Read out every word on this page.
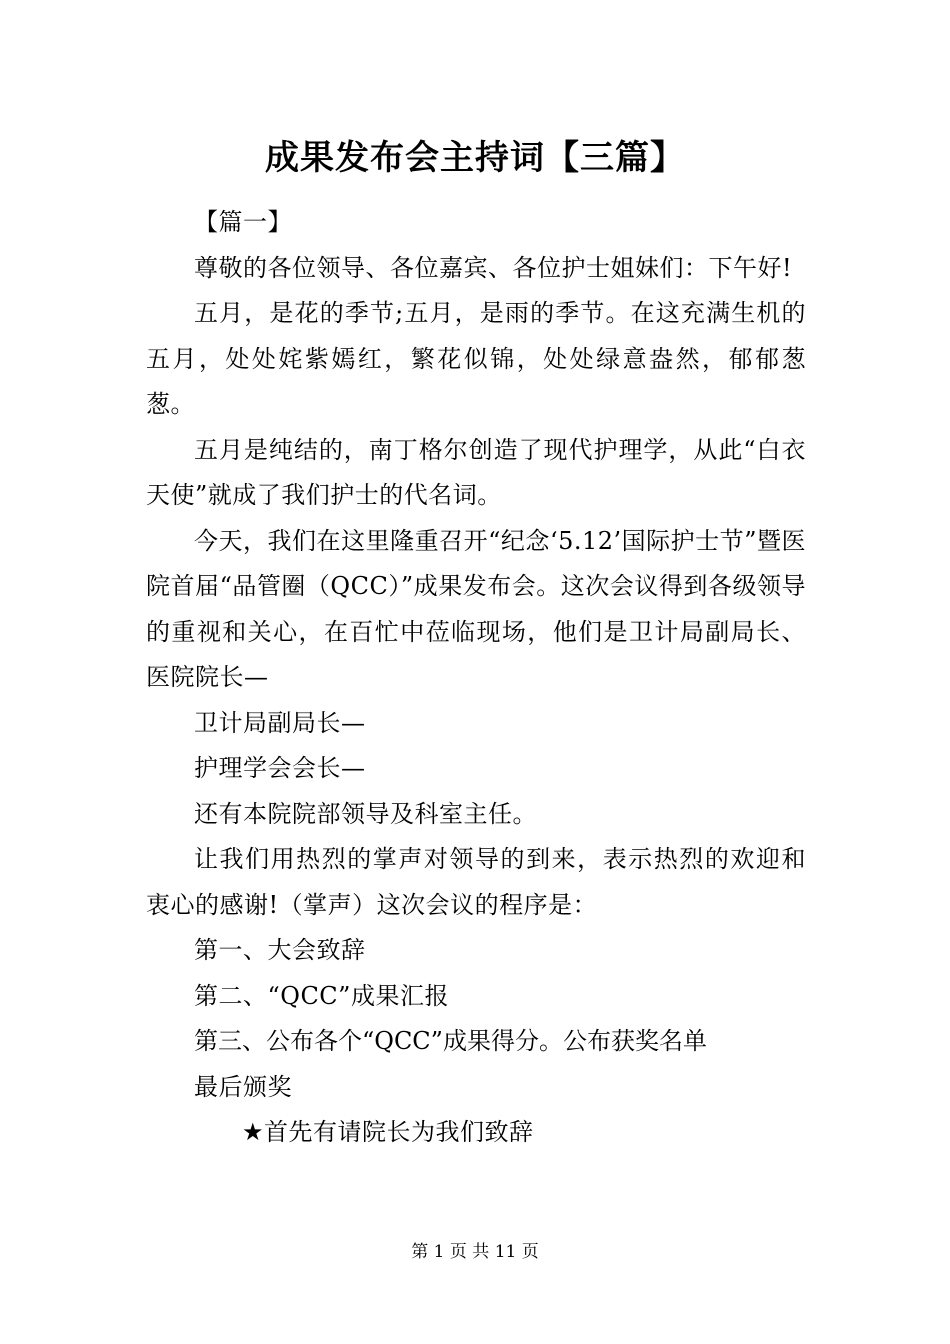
成果发布会主持词【三篇】

【篇一】

尊敬的各位领导、各位嘉宾、各位护士姐妹们：下午好!

五月，是花的季节;五月，是雨的季节。在这充满生机的五月，处处姹紫嫣红，繁花似锦，处处绿意盎然，郁郁葱葱。

五月是纯结的，南丁格尔创造了现代护理学，从此“白衣天使”就成了我们护士的代名词。

今天，我们在这里隆重召开“纪念‘5.12’国际护士节”暨医院首届“品管圈（QCC）”成果发布会。这次会议得到各级领导的重视和关心，在百忙中莅临现场，他们是卫计局副局长、医院院长—

卫计局副局长—

护理学会会长—

还有本院院部领导及科室主任。

让我们用热烈的掌声对领导的到来，表示热烈的欢迎和衷心的感谢!（掌声）这次会议的程序是：

第一、大会致辞

第二、“QCC”成果汇报

第三、公布各个“QCC”成果得分。公布获奖名单

最后颁奖

★首先有请院长为我们致辞

第 1 页 共 11 页
